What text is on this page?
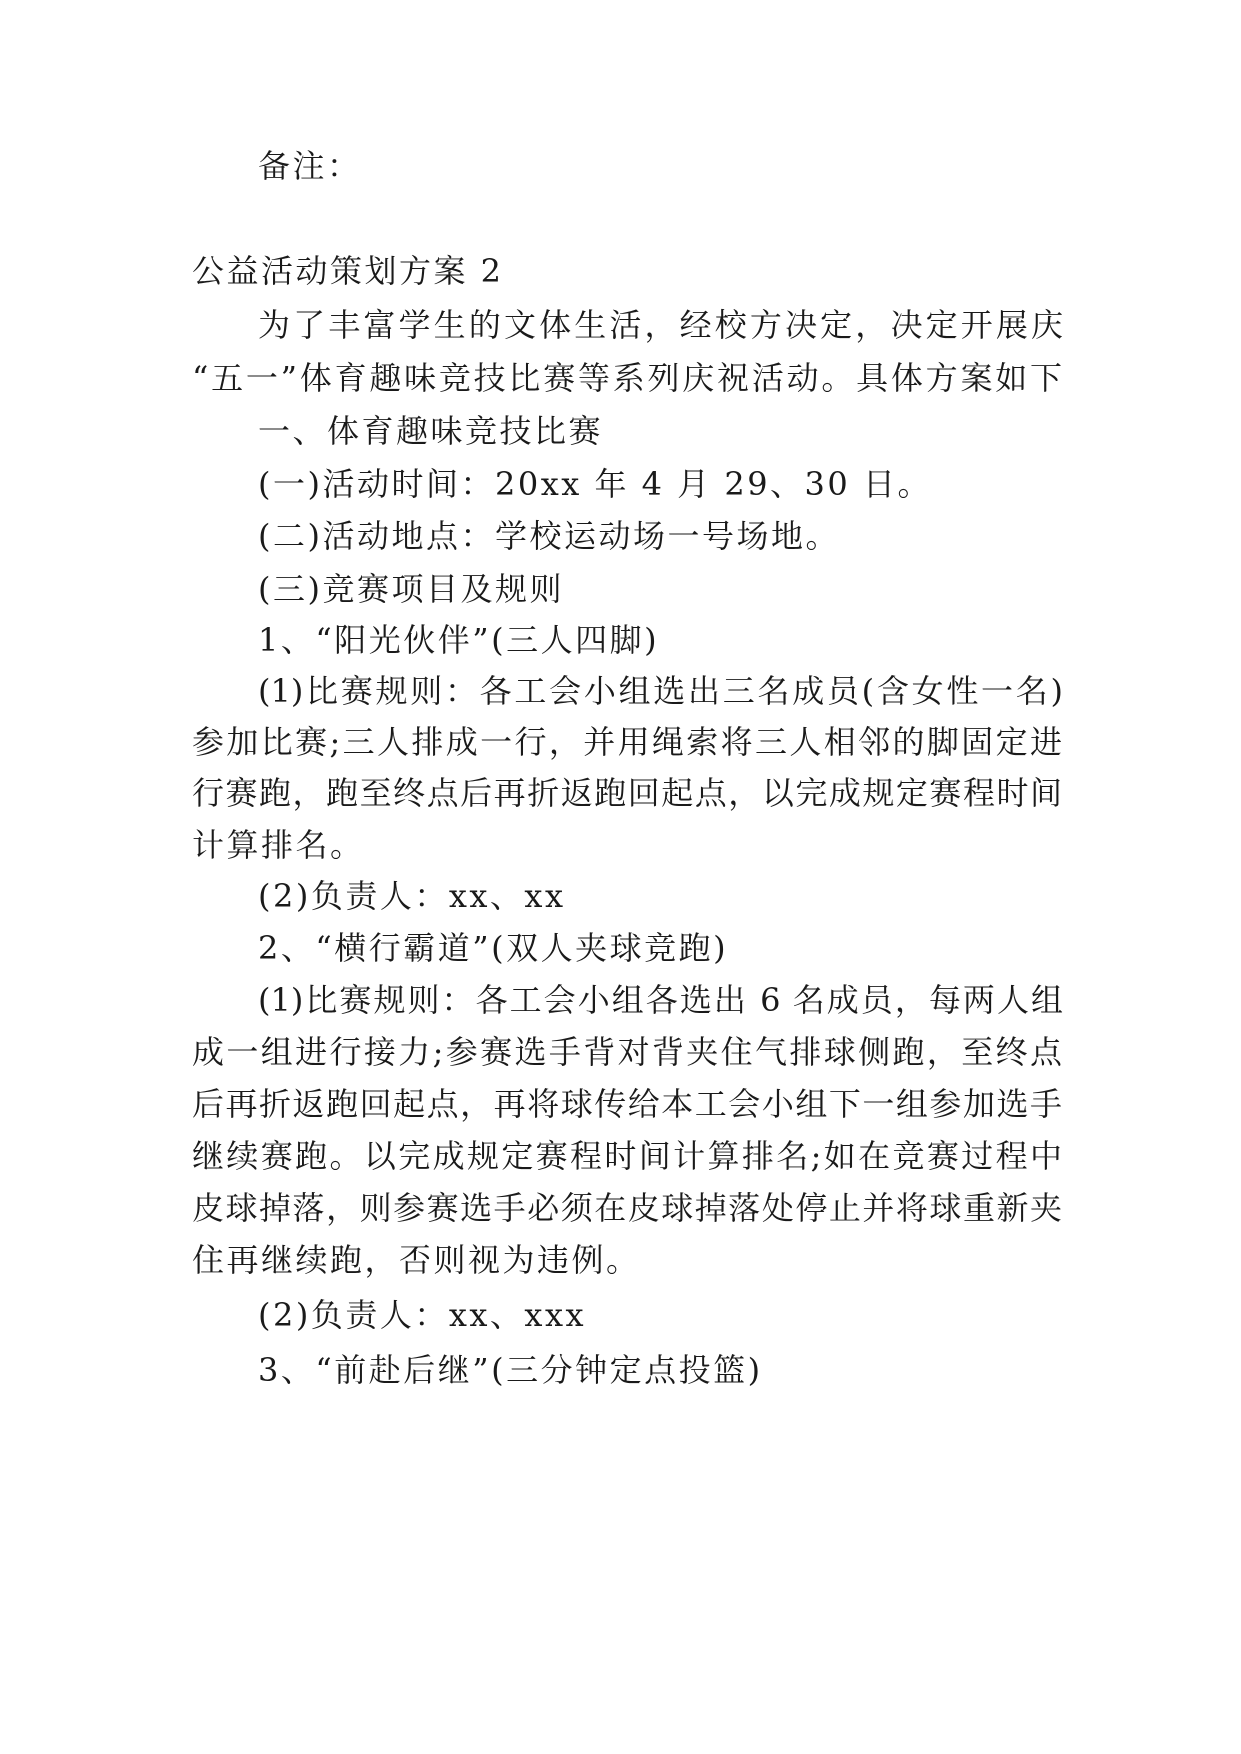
备注：
公益活动策划方案 2
为了丰富学生的文体生活，经校方决定，决定开展庆
“五一”体育趣味竞技比赛等系列庆祝活动。具体方案如下
一、体育趣味竞技比赛
(一)活动时间：20xx 年 4 月 29、30 日。
(二)活动地点：学校运动场一号场地。
(三)竞赛项目及规则
1、“阳光伙伴”(三人四脚)
(1)比赛规则：各工会小组选出三名成员(含女性一名)
参加比赛;三人排成一行，并用绳索将三人相邻的脚固定进
行赛跑，跑至终点后再折返跑回起点，以完成规定赛程时间
计算排名。
(2)负责人：xx、xx
2、“横行霸道”(双人夹球竞跑)
(1)比赛规则：各工会小组各选出 6 名成员，每两人组
成一组进行接力;参赛选手背对背夹住气排球侧跑，至终点
后再折返跑回起点，再将球传给本工会小组下一组参加选手
继续赛跑。以完成规定赛程时间计算排名;如在竞赛过程中
皮球掉落，则参赛选手必须在皮球掉落处停止并将球重新夹
住再继续跑，否则视为违例。
(2)负责人：xx、xxx
3、“前赴后继”(三分钟定点投篮)
